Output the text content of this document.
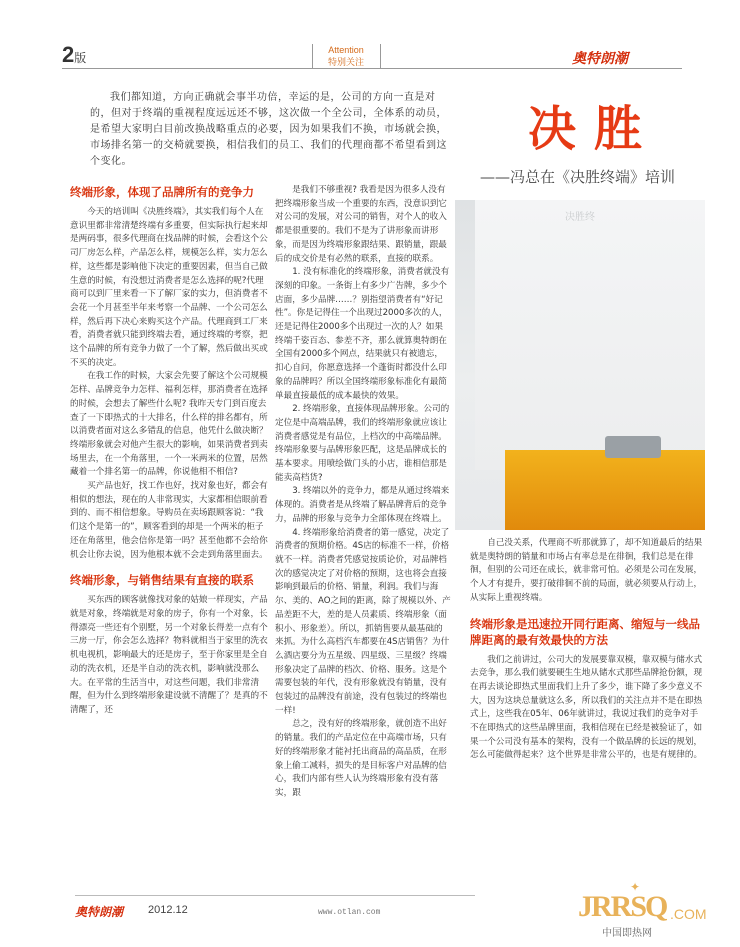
2版
Attention
特别关注	奥特朗潮

我们都知道，方向正确就会事半功倍，幸运的是，公司的方向一直是对的，但对于终端的重视程度远远还不够，这次做一个全公司，全体系的动员，是希望大家明白目前改换战略重点的必要，因为如果我们不换，市场就会换，市场排名第一的交椅就要换，相信我们的员工、我们的代理商都不希望看到这个变化。

决胜
——冯总在《决胜终端》培训
决胜终
终端形象，体现了品牌所有的竞争力

今天的培训叫《决胜终端》，其实我们每个人在意识里都非常清楚终端有多重要，但实际执行起来却是两码事，很多代理商在找品牌的时候，会看这个公司厂房怎么样，产品怎么样，规模怎么样，实力怎么样，这些都是影响他下决定的重要因素，但当自己做生意的时候，有没想过消费者是怎么选择的呢?代理商可以到厂里来看一下了解厂家的实力，但消费者不会花一个月甚至半年来考察一个品牌、一个公司怎么样，然后再下决心来购买这个产品。代理商到工厂来看，消费者就只能到终端去看，通过终端的考察，把这个品牌的所有竞争力做了一个了解，然后做出买或不买的决定。

在我工作的时候，大家会先要了解这个公司规模怎样、品牌竞争力怎样、福利怎样，那消费者在选择的时候，会想去了解些什么呢? 我昨天专门到百度去查了一下即热式的十大排名，什么样的排名都有，所以消费者面对这么多错乱的信息，他凭什么做决断？终端形象就会对他产生很大的影响，如果消费者到卖场里去，在一个角落里，一个一米两米的位置，居然藏着一个排名第一的品牌，你说他相不相信?

买产品也好，找工作也好，找对象也好，都会有相似的想法，现在的人非常现实，大家都相信眼前看到的、而不相信想象。导购员在卖场跟顾客说：“我们这个是第一的”，顾客看到的却是一个两米的柜子还在角落里，他会信你是第一吗？甚至他都不会给你机会让你去说，因为他根本就不会走到角落里面去。

终端形象，与销售结果有直接的联系

买东西的顾客就像找对象的姑娘一样现实，产品就是对象，终端就是对象的房子，你有一个对象，长得漂亮一些还有个别墅，另一个对象长得差一点有个三房一厅，你会怎么选择？物料就相当于家里的洗衣机电视机，影响最大的还是房子，至于你家里是全自动的洗衣机，还是半自动的洗衣机，影响就没那么大。在平常的生活当中，对这些问题，我们非常清醒，但为什么到终端形象建设就不清醒了？是真的不清醒了，还

是我们不够重视? 我看是因为很多人没有把终端形象当成一个重要的东西，没意识到它对公司的发展，对公司的销售，对个人的收入都是很重要的。我们不是为了讲形象而讲形象，而是因为终端形象跟结果、跟销量，跟最后的成交价是有必然的联系，直接的联系。

1. 没有标准化的终端形象，消费者就没有深刻的印象。一条街上有多少广告牌，多少个店面，多少品牌……？别指望消费者有“好记性”。你是记得住一个出现过2000多次的人，还是记得住2000多个出现过一次的人？如果终端千姿百态、参差不齐，那么就算奥特朗在全国有2000多个网点，结果就只有被遗忘，扣心自问，你愿意选择一个蓬街时都没什么印象的品牌吗？所以全国终端形象标准化有最简单最直接最低的成本最快的效果。

2. 终端形象，直接体现品牌形象。公司的定位是中高端品牌，我们的终端形象就应该让消费者感觉是有品位，上档次的中高端品牌。终端形象要与品牌形象匹配，这是品牌成长的基本要求。用喷绘做门头的小店，谁相信那是能卖高档货?

3. 终端以外的竞争力，都是从通过终端来体现的。消费者是从终端了解品牌背后的竞争力，品牌的形象与竞争力全部体现在终端上。

4. 终端形象给消费者的第一感觉，决定了消费者的预期价格。4S店的标准不一样，价格就不一样。消费者凭感觉按质论价，对品牌档次的感觉决定了对价格的预期，这也将会直接影响到最后的价格、销量，利润。我们与海尔、美的、AO之间的距离，除了规模以外、产品差距不大，差的是人员素质、终端形象（面积小、形象差）。所以，抓销售要从最基础的来抓。为什么高档汽车都要在4S店销售？为什么酒店要分为五星级、四星级、三星级？终端形象决定了品牌的档次、价格、服务。这是个需要包装的年代，没有形象就没有销量，没有包装过的品牌没有前途，没有包装过的终端也一样!

总之，没有好的终端形象，就创造不出好的销量。我们的产品定位在中高端市场，只有好的终端形象才能衬托出商品的高品质，在形象上偷工减料，损失的是目标客户对品牌的信心，我们内部有些人认为终端形象有没有落实，跟

自己没关系，代理商不听那就算了，却不知道最后的结果就是奥特朗的销量和市场占有率总是在徘徊，我们总是在徘徊，但别的公司还在成长，就非常可怕。必须是公司在发展，个人才有提升，要打破徘徊不前的局面，就必须要从行动上，从实际上重视终端。

终端形象是迅速拉开同行距离、缩短与一线品牌距离的最有效最快的方法

我们之前讲过，公司大的发展要靠双模，靠双模与储水式去竞争，那么我们就要硬生生地从储水式那些品牌抢份额，现在再去谈论即热式里面我们上升了多少，谁下降了多少意义不大，因为这块总量就这么多，所以我们的关注点并不是在即热式上，这些我在05年、06年就讲过，我说过我们的竞争对手不在即热式的这些品牌里面，我相信现在已经是被验证了，如果一个公司没有基本的架构，没有一个做品牌的长远的规划，怎么可能做得起来？这个世界是非常公平的，也是有规律的。

奥特朗潮 2012.12	www.otlan.com
✦
JRRSQ .COM
中国即热网
